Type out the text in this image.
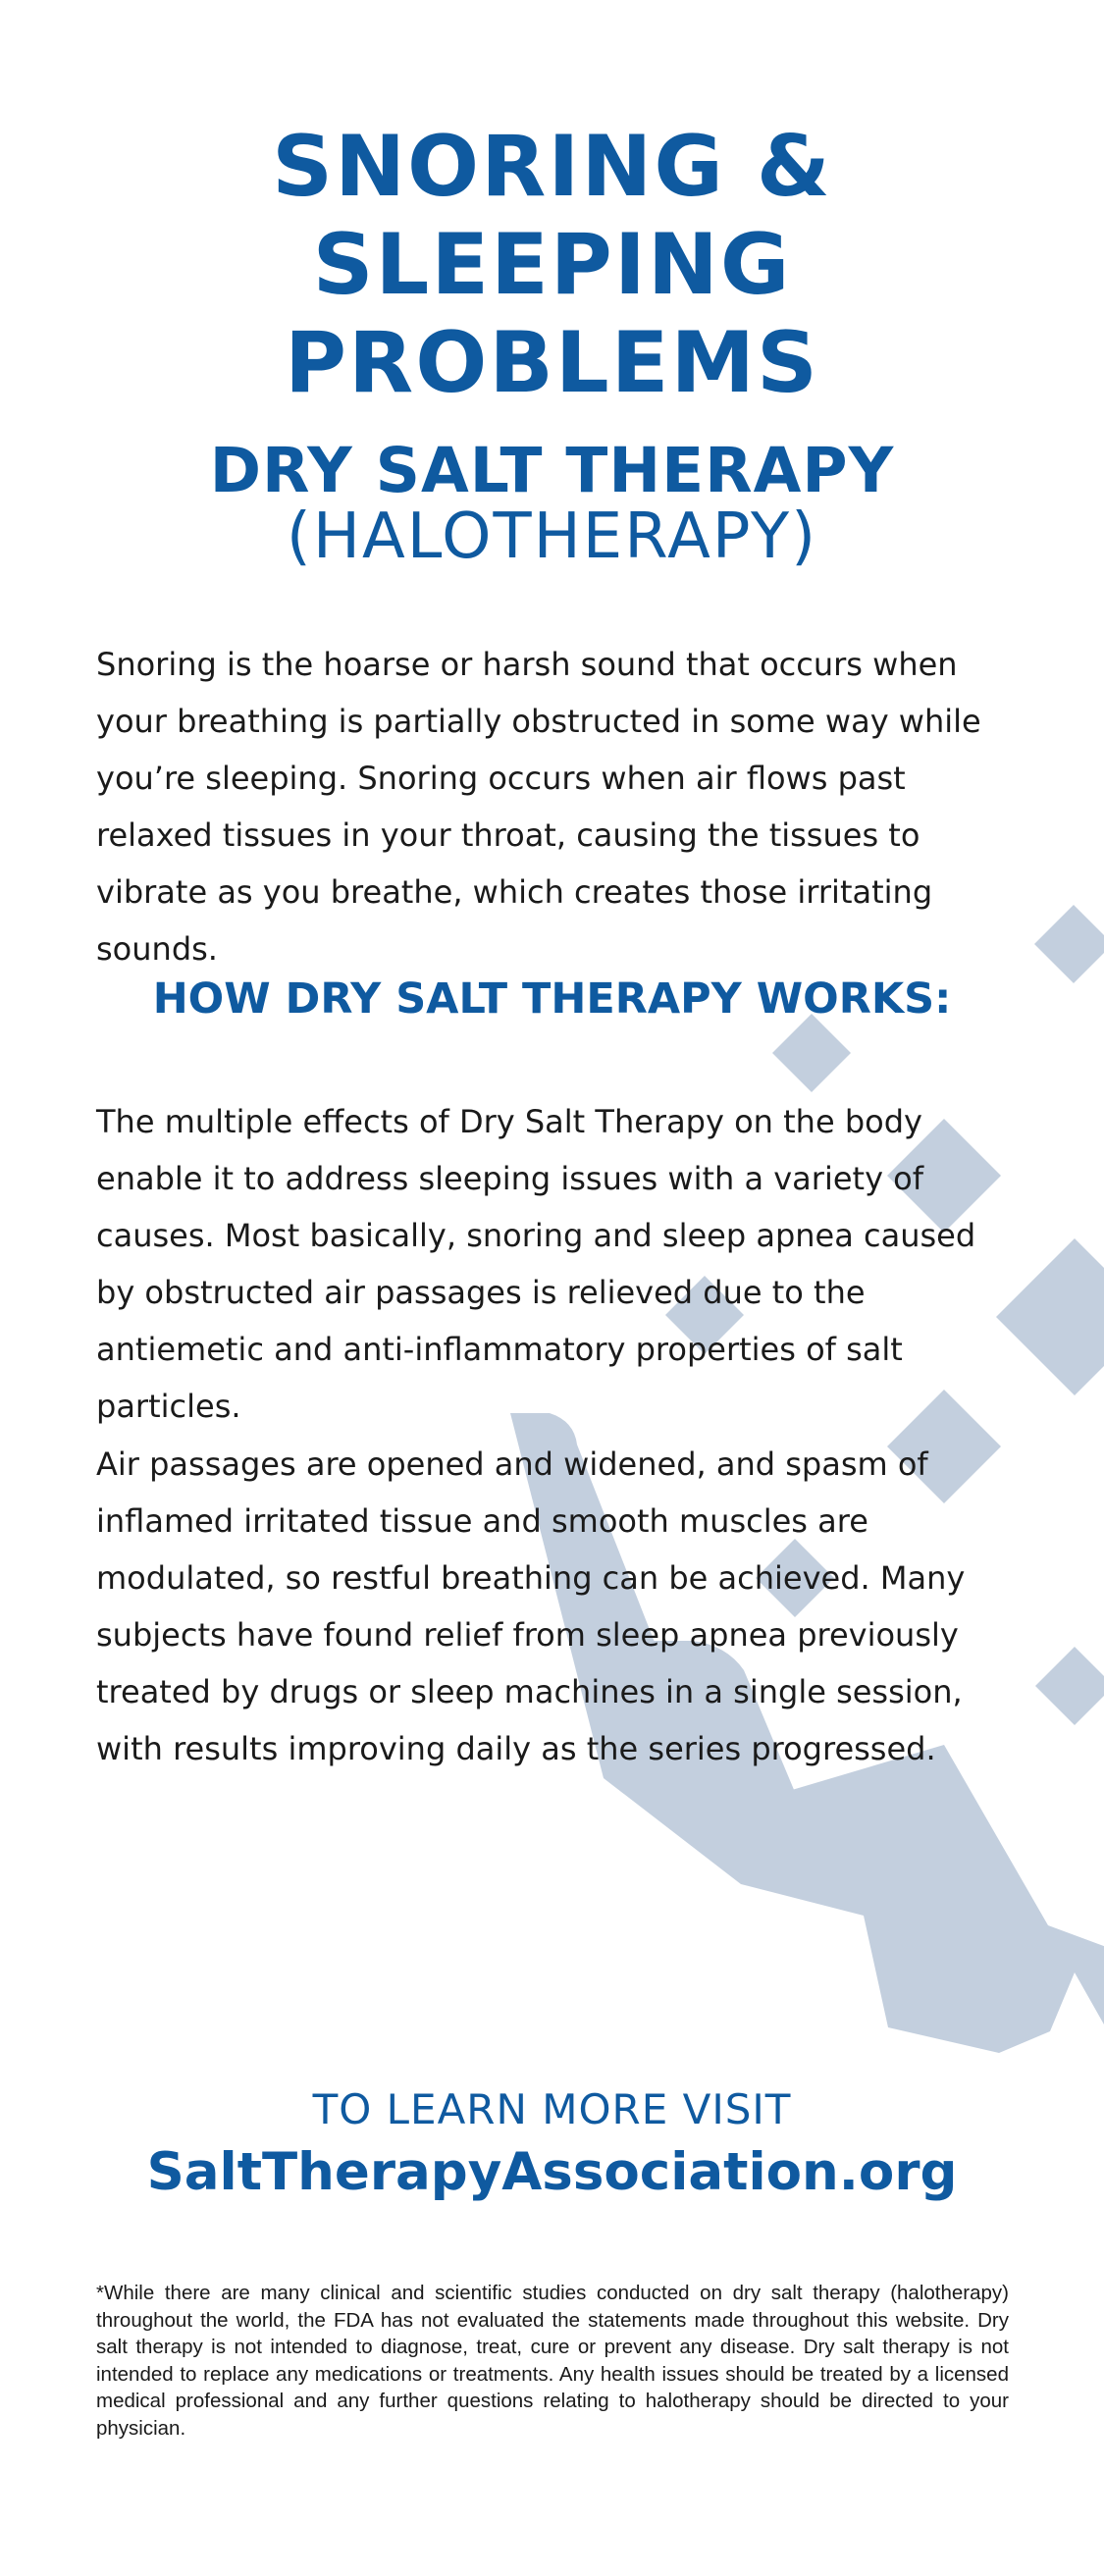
SNORING &
SLEEPING
PROBLEMS
DRY SALT THERAPY
(HALOTHERAPY)

Snoring is the hoarse or harsh sound that occurs when your breathing is partially obstructed in some way while you’re sleeping. Snoring occurs when air flows past relaxed tissues in your throat, causing the tissues to vibrate as you breathe, which creates those irritating sounds.

HOW DRY SALT THERAPY WORKS:

The multiple effects of Dry Salt Therapy on the body enable it to address sleeping issues with a variety of causes. Most basically, snoring and sleep apnea caused by obstructed air passages is relieved due to the antiemetic and anti-inflammatory properties of salt particles.

Air passages are opened and widened, and spasm of inflamed irritated tissue and smooth muscles are modulated, so restful breathing can be achieved. Many subjects have found relief from sleep apnea previously treated by drugs or sleep machines in a single session, with results improving daily as the series progressed.

TO LEARN MORE VISIT
SaltTherapyAssociation.org

*While there are many clinical and scientific studies conducted on dry salt therapy (halotherapy) throughout the world, the FDA has not evaluated the statements made throughout this website. Dry salt therapy is not intended to diagnose, treat, cure or prevent any disease. Dry salt therapy is not intended to replace any medications or treatments. Any health issues should be treated by a licensed medical professional and any further questions relating to halotherapy should be directed to your physician.
